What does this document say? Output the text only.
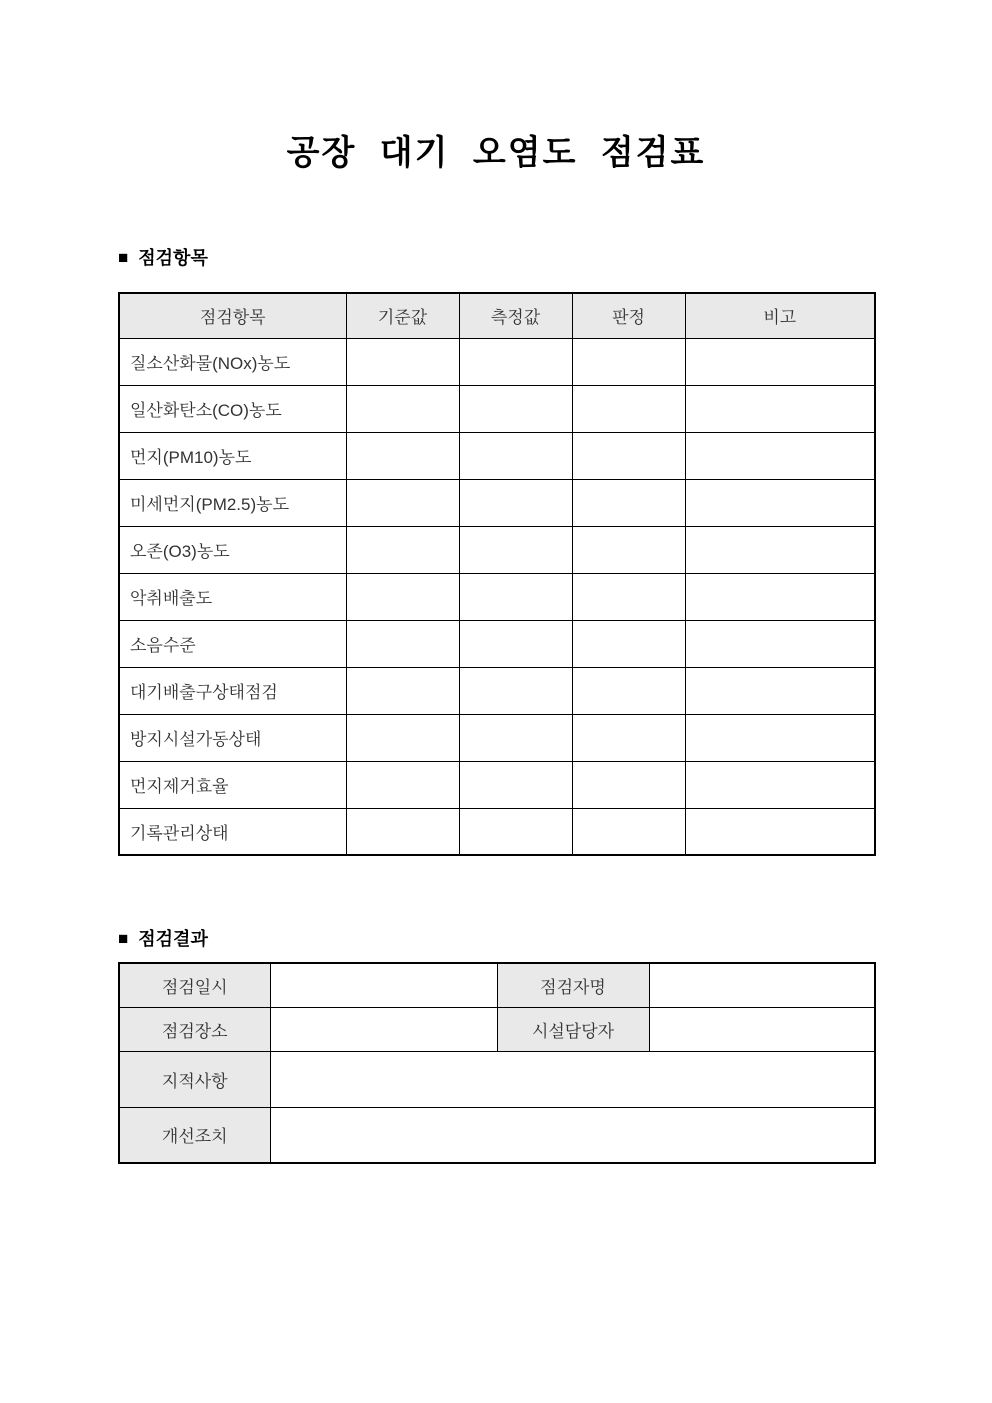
공장 대기 오염도 점검표
■ 점검항목
점검항목	기준값	측정값	판정	비고
질소산화물(NOx)농도				
일산화탄소(CO)농도				
먼지(PM10)농도				
미세먼지(PM2.5)농도				
오존(O3)농도				
악취배출도				
소음수준				
대기배출구상태점검				
방지시설가동상태				
먼지제거효율				
기록관리상태				
■ 점검결과
점검일시		점검자명	
점검장소		시설담당자	
지적사항			
개선조치			
